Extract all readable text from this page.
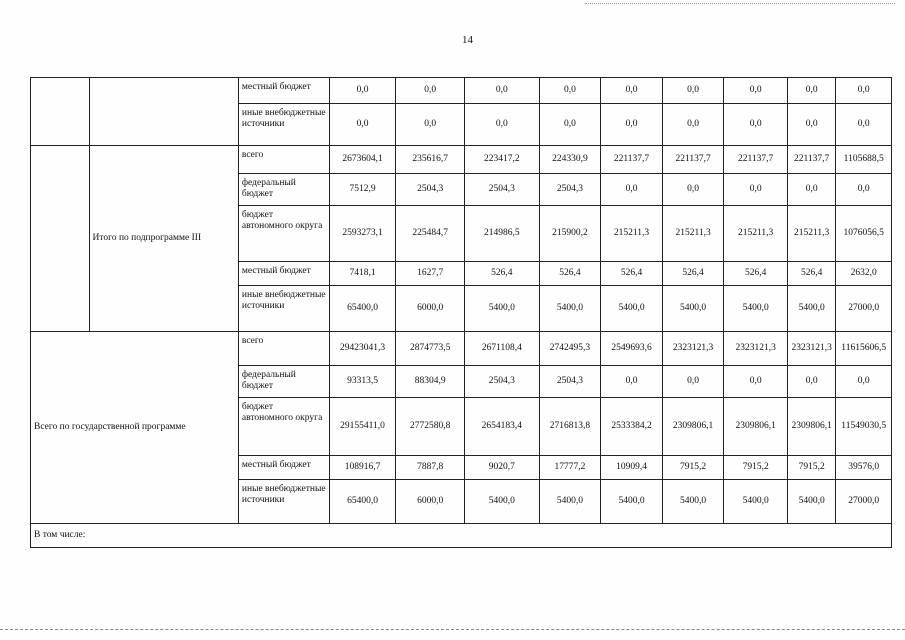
14
		местный бюджет	0,0	0,0	0,0	0,0	0,0	0,0	0,0	0,0	0,0
		иные внебюджетные источники	0,0	0,0	0,0	0,0	0,0	0,0	0,0	0,0	0,0
	Итого по подпрограмме III	всего	2673604,1	235616,7	223417,2	224330,9	221137,7	221137,7	221137,7	221137,7	1105688,5
		федеральный бюджет	7512,9	2504,3	2504,3	2504,3	0,0	0,0	0,0	0,0	0,0
		бюджет автономного округа	2593273,1	225484,7	214986,5	215900,2	215211,3	215211,3	215211,3	215211,3	1076056,5
		местный бюджет	7418,1	1627,7	526,4	526,4	526,4	526,4	526,4	526,4	2632,0
		иные внебюджетные источники	65400,0	6000,0	5400,0	5400,0	5400,0	5400,0	5400,0	5400,0	27000,0
Всего по государственной программе		всего	29423041,3	2874773,5	2671108,4	2742495,3	2549693,6	2323121,3	2323121,3	2323121,3	11615606,5
		федеральный бюджет	93313,5	88304,9	2504,3	2504,3	0,0	0,0	0,0	0,0	0,0
		бюджет автономного округа	29155411,0	2772580,8	2654183,4	2716813,8	2533384,2	2309806,1	2309806,1	2309806,1	11549030,5
		местный бюджет	108916,7	7887,8	9020,7	17777,2	10909,4	7915,2	7915,2	7915,2	39576,0
		иные внебюджетные источники	65400,0	6000,0	5400,0	5400,0	5400,0	5400,0	5400,0	5400,0	27000,0
В том числе:											
